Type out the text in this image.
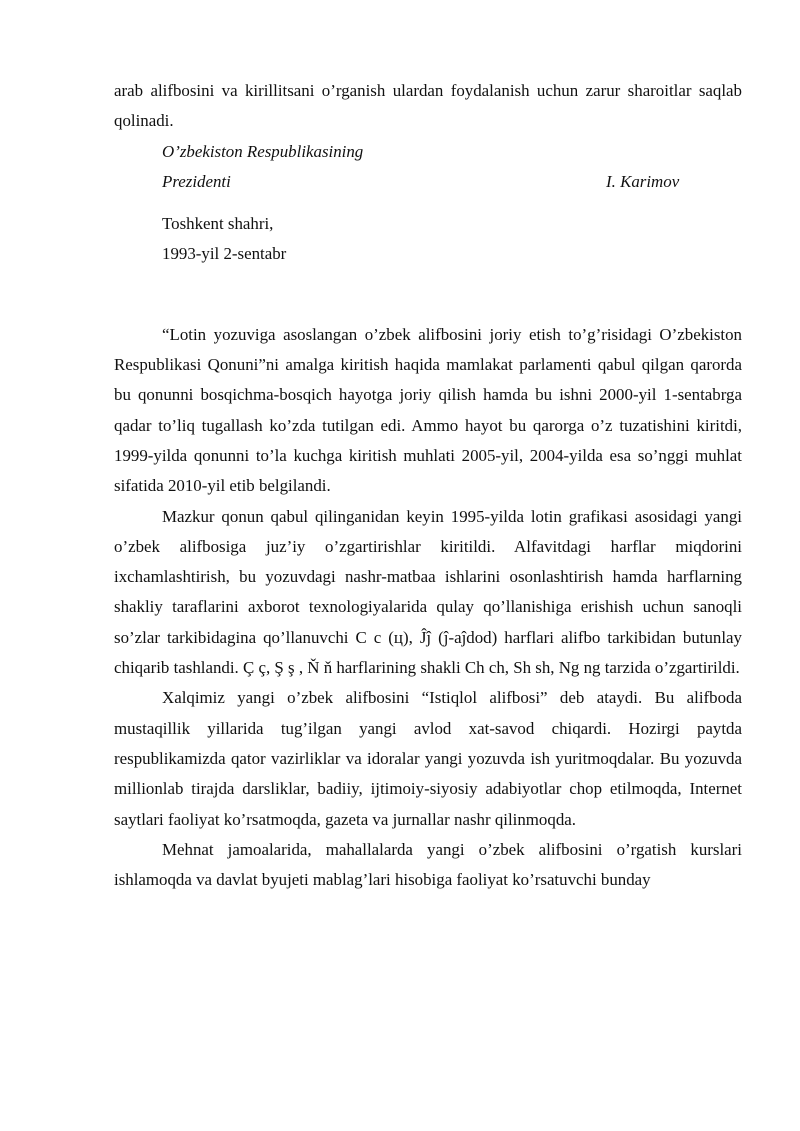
arab alifbosini va kirillitsani o’rganish ulardan foydalanish uchun zarur sharoitlar saqlab qolinadi.

O’zbekiston Respublikasining

Prezidenti	I. Karimov

Toshkent shahri,

1993-yil 2-sentabr

“Lotin yozuviga asoslangan o’zbek alifbosini joriy etish to’g’risidagi O’zbekiston Respublikasi Qonuni”ni amalga kiritish haqida mamlakat parlamenti qabul qilgan qarorda bu qonunni bosqichma-bosqich hayotga joriy qilish hamda bu ishni 2000-yil 1-sentabrga qadar to’liq tugallash ko’zda tutilgan edi. Ammo hayot bu qarorga o’z tuzatishini kiritdi, 1999-yilda qonunni to’la kuchga kiritish muhlati 2005-yil, 2004-yilda esa so’nggi muhlat sifatida 2010-yil etib belgilandi.

Mazkur qonun qabul qilinganidan keyin 1995-yilda lotin grafikasi asosidagi yangi o’zbek alifbosiga juz’iy o’zgartirishlar kiritildi. Alfavitdagi harflar miqdorini ixchamlashtirish, bu yozuvdagi nashr-matbaa ishlarini osonlashtirish hamda harflarning shakliy taraflarini axborot texnologiyalarida qulay qo’llanishiga erishish uchun sanoqli so’zlar tarkibidagina qo’llanuvchi C c (ц), Ĵĵ (ĵ-aĵdod) harflari alifbo tarkibidan butunlay chiqarib tashlandi. Ç ç, Ş ş , Ň ň harflarining shakli Ch ch, Sh sh, Ng ng tarzida o’zgartirildi.

Xalqimiz yangi o’zbek alifbosini “Istiqlol alifbosi” deb ataydi. Bu alifboda mustaqillik yillarida tug’ilgan yangi avlod xat-savod chiqardi. Hozirgi paytda respublikamizda qator vazirliklar va idoralar yangi yozuvda ish yuritmoqdalar. Bu yozuvda millionlab tirajda darsliklar, badiiy, ijtimoiy-siyosiy adabiyotlar chop etilmoqda, Internet saytlari faoliyat ko’rsatmoqda, gazeta va jurnallar nashr qilinmoqda.

Mehnat jamoalarida, mahallalarda yangi o’zbek alifbosini o’rgatish kurslari ishlamoqda va davlat byujeti mablag’lari hisobiga faoliyat ko’rsatuvchi bunday
